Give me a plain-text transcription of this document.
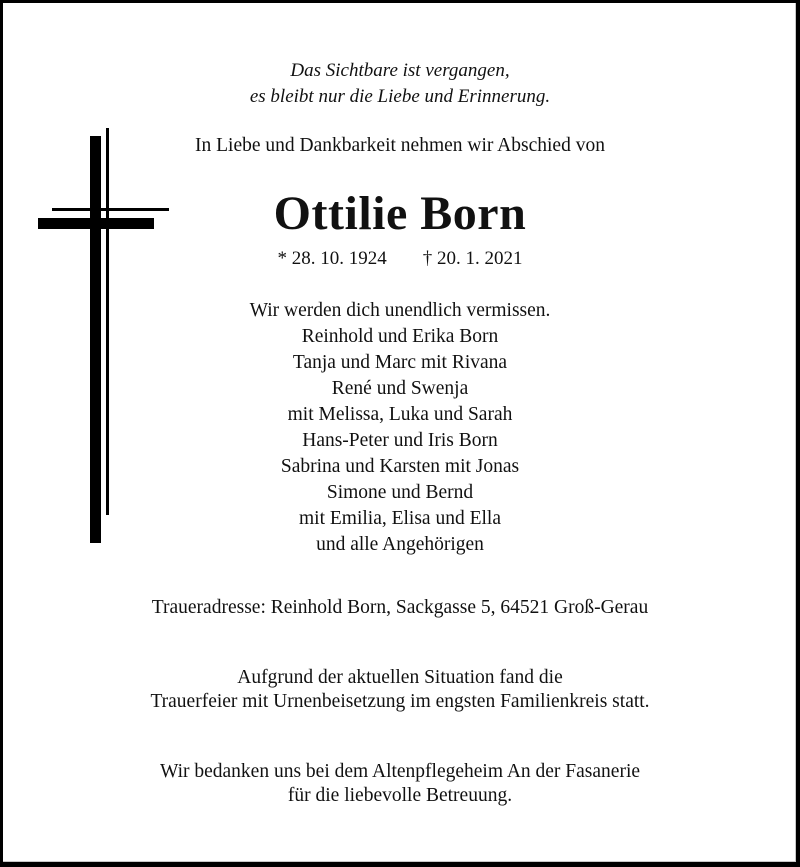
Das Sichtbare ist vergangen,
es bleibt nur die Liebe und Erinnerung.
In Liebe und Dankbarkeit nehmen wir Abschied von
Ottilie Born
* 28. 10. 1924 † 20. 1. 2021
Wir werden dich unendlich vermissen.
Reinhold und Erika Born
Tanja und Marc mit Rivana
René und Swenja
mit Melissa, Luka und Sarah
Hans-Peter und Iris Born
Sabrina und Karsten mit Jonas
Simone und Bernd
mit Emilia, Elisa und Ella
und alle Angehörigen
Traueradresse: Reinhold Born, Sackgasse 5, 64521 Groß-Gerau
Aufgrund der aktuellen Situation fand die
Trauerfeier mit Urnenbeisetzung im engsten Familienkreis statt.
Wir bedanken uns bei dem Altenpflegeheim An der Fasanerie
für die liebevolle Betreuung.
